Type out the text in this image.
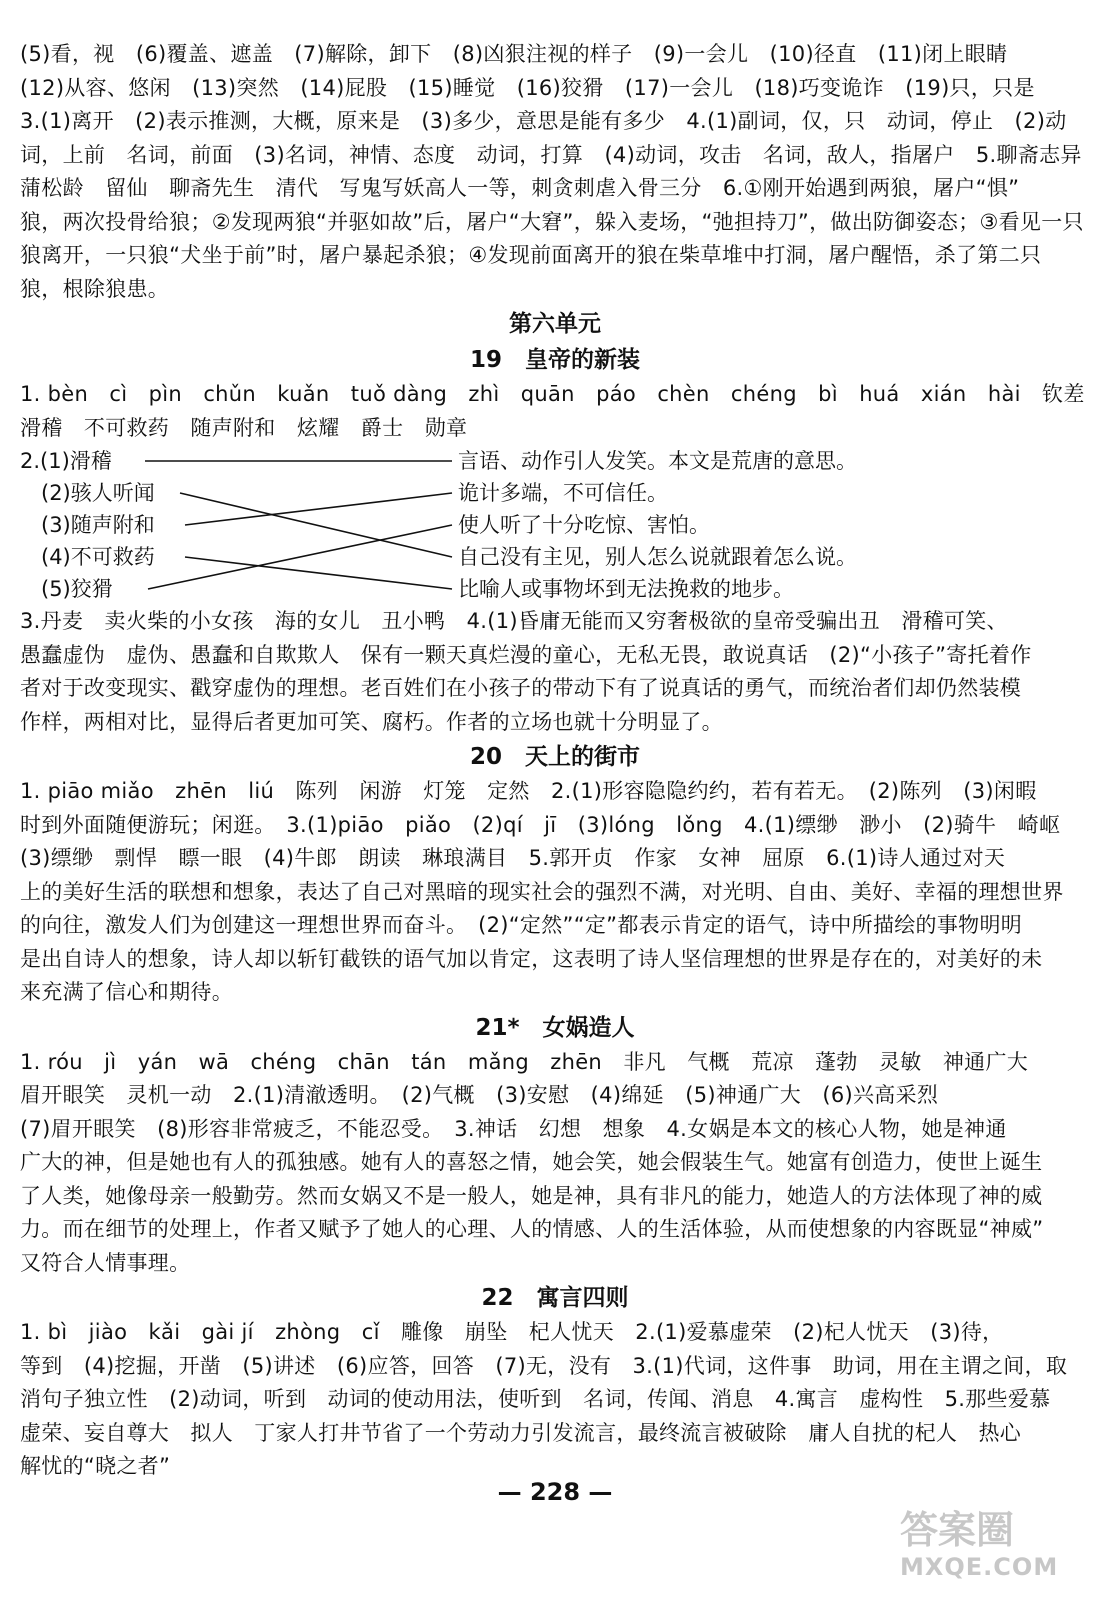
(5)看，视　(6)覆盖、遮盖　(7)解除，卸下　(8)凶狠注视的样子　(9)一会儿　(10)径直　(11)闭上眼睛
(12)从容、悠闲　(13)突然　(14)屁股　(15)睡觉　(16)狡猾　(17)一会儿　(18)巧变诡诈　(19)只，只是
3.(1)离开　(2)表示推测，大概，原来是　(3)多少，意思是能有多少　4.(1)副词，仅，只　动词，停止　(2)动
词，上前　名词，前面　(3)名词，神情、态度　动词，打算　(4)动词，攻击　名词，敌人，指屠户　5.聊斋志异
蒲松龄　留仙　聊斋先生　清代　写鬼写妖高人一等，刺贪刺虐入骨三分　6.①刚开始遇到两狼，屠户“惧”
狼，两次投骨给狼；②发现两狼“并驱如故”后，屠户“大窘”，躲入麦场，“弛担持刀”，做出防御姿态；③看见一只
狼离开，一只狼“犬坐于前”时，屠户暴起杀狼；④发现前面离开的狼在柴草堆中打洞，屠户醒悟，杀了第二只
狼，根除狼患。
第六单元
19　皇帝的新装
1. bèn　cì　pìn　chǔn　kuǎn　tuǒ dàng　zhì　quān　páo　chèn　chéng　bì　huá　xián　hài　钦差
滑稽　不可救药　随声附和　炫耀　爵士　勋章
2.(1)滑稽
　(2)骇人听闻
　(3)随声附和
　(4)不可救药
　(5)狡猾
言语、动作引人发笑。本文是荒唐的意思。
诡计多端，不可信任。
使人听了十分吃惊、害怕。
自己没有主见，别人怎么说就跟着怎么说。
比喻人或事物坏到无法挽救的地步。
3.丹麦　卖火柴的小女孩　海的女儿　丑小鸭　4.(1)昏庸无能而又穷奢极欲的皇帝受骗出丑　滑稽可笑、
愚蠢虚伪　虚伪、愚蠢和自欺欺人　保有一颗天真烂漫的童心，无私无畏，敢说真话　(2)“小孩子”寄托着作
者对于改变现实、戳穿虚伪的理想。老百姓们在小孩子的带动下有了说真话的勇气，而统治者们却仍然装模
作样，两相对比，显得后者更加可笑、腐朽。作者的立场也就十分明显了。
20　天上的街市
1. piāo miǎo　zhēn　liú　陈列　闲游　灯笼　定然　2.(1)形容隐隐约约，若有若无。　(2)陈列　(3)闲暇
时到外面随便游玩；闲逛。　3.(1)piāo　piǎo　(2)qí　jī　(3)lóng　lǒng　4.(1)缥缈　渺小　(2)骑牛　崎岖
(3)缥缈　剽悍　瞟一眼　(4)牛郎　朗读　琳琅满目　5.郭开贞　作家　女神　屈原　6.(1)诗人通过对天
上的美好生活的联想和想象，表达了自己对黑暗的现实社会的强烈不满，对光明、自由、美好、幸福的理想世界
的向往，激发人们为创建这一理想世界而奋斗。　(2)“定然”“定”都表示肯定的语气，诗中所描绘的事物明明
是出自诗人的想象，诗人却以斩钉截铁的语气加以肯定，这表明了诗人坚信理想的世界是存在的，对美好的未
来充满了信心和期待。
21*　女娲造人
1. róu　jì　yán　wā　chéng　chān　tán　mǎng　zhēn　非凡　气概　荒凉　蓬勃　灵敏　神通广大
眉开眼笑　灵机一动　2.(1)清澈透明。　(2)气概　(3)安慰　(4)绵延　(5)神通广大　(6)兴高采烈
(7)眉开眼笑　(8)形容非常疲乏，不能忍受。　3.神话　幻想　想象　4.女娲是本文的核心人物，她是神通
广大的神，但是她也有人的孤独感。她有人的喜怒之情，她会笑，她会假装生气。她富有创造力，使世上诞生
了人类，她像母亲一般勤劳。然而女娲又不是一般人，她是神，具有非凡的能力，她造人的方法体现了神的威
力。而在细节的处理上，作者又赋予了她人的心理、人的情感、人的生活体验，从而使想象的内容既显“神威”
又符合人情事理。
22　寓言四则
1. bì　jiào　kǎi　gài jí　zhòng　cǐ　雕像　崩坠　杞人忧天　2.(1)爱慕虚荣　(2)杞人忧天　(3)待，
等到　(4)挖掘，开凿　(5)讲述　(6)应答，回答　(7)无，没有　3.(1)代词，这件事　助词，用在主谓之间，取
消句子独立性　(2)动词，听到　动词的使动用法，使听到　名词，传闻、消息　4.寓言　虚构性　5.那些爱慕
虚荣、妄自尊大　拟人　丁家人打井节省了一个劳动力引发流言，最终流言被破除　庸人自扰的杞人　热心
解忧的“晓之者”
— 228 —
答案圈
MXQE.COM
